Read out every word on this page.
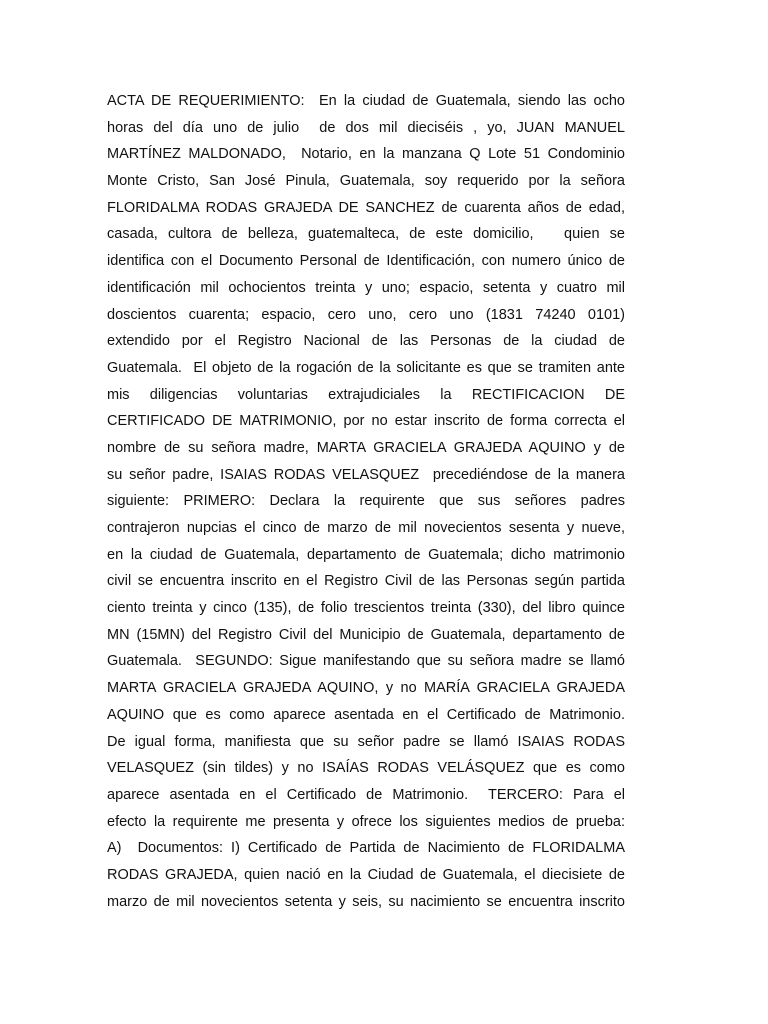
ACTA DE REQUERIMIENTO:  En la ciudad de Guatemala, siendo las ocho
horas del día uno de julio  de dos mil dieciséis , yo, JUAN MANUEL
MARTÍNEZ MALDONADO,  Notario, en la manzana Q Lote 51 Condominio
Monte Cristo, San José Pinula, Guatemala, soy requerido por la señora
FLORIDALMA RODAS GRAJEDA DE SANCHEZ de cuarenta años de edad,
casada, cultora de belleza, guatemalteca, de este domicilio,   quien se
identifica con el Documento Personal de Identificación, con numero único de
identificación mil ochocientos treinta y uno; espacio, setenta y cuatro mil
doscientos cuarenta; espacio, cero uno, cero uno (1831 74240 0101)
extendido por el Registro Nacional de las Personas de la ciudad de
Guatemala.  El objeto de la rogación de la solicitante es que se tramiten ante
mis diligencias voluntarias extrajudiciales la RECTIFICACION DE
CERTIFICADO DE MATRIMONIO, por no estar inscrito de forma correcta el
nombre de su señora madre, MARTA GRACIELA GRAJEDA AQUINO y de
su señor padre, ISAIAS RODAS VELASQUEZ  precediéndose de la manera
siguiente: PRIMERO: Declara la requirente que sus señores padres
contrajeron nupcias el cinco de marzo de mil novecientos sesenta y nueve,
en la ciudad de Guatemala, departamento de Guatemala; dicho matrimonio
civil se encuentra inscrito en el Registro Civil de las Personas según partida
ciento treinta y cinco (135), de folio trescientos treinta (330), del libro quince
MN (15MN) del Registro Civil del Municipio de Guatemala, departamento de
Guatemala.  SEGUNDO: Sigue manifestando que su señora madre se llamó
MARTA GRACIELA GRAJEDA AQUINO, y no MARÍA GRACIELA GRAJEDA
AQUINO que es como aparece asentada en el Certificado de Matrimonio.
De igual forma, manifiesta que su señor padre se llamó ISAIAS RODAS
VELASQUEZ (sin tildes) y no ISAÍAS RODAS VELÁSQUEZ que es como
aparece asentada en el Certificado de Matrimonio.  TERCERO: Para el
efecto la requirente me presenta y ofrece los siguientes medios de prueba:
A)  Documentos: I) Certificado de Partida de Nacimiento de FLORIDALMA
RODAS GRAJEDA, quien nació en la Ciudad de Guatemala, el diecisiete de
marzo de mil novecientos setenta y seis, su nacimiento se encuentra inscrito
